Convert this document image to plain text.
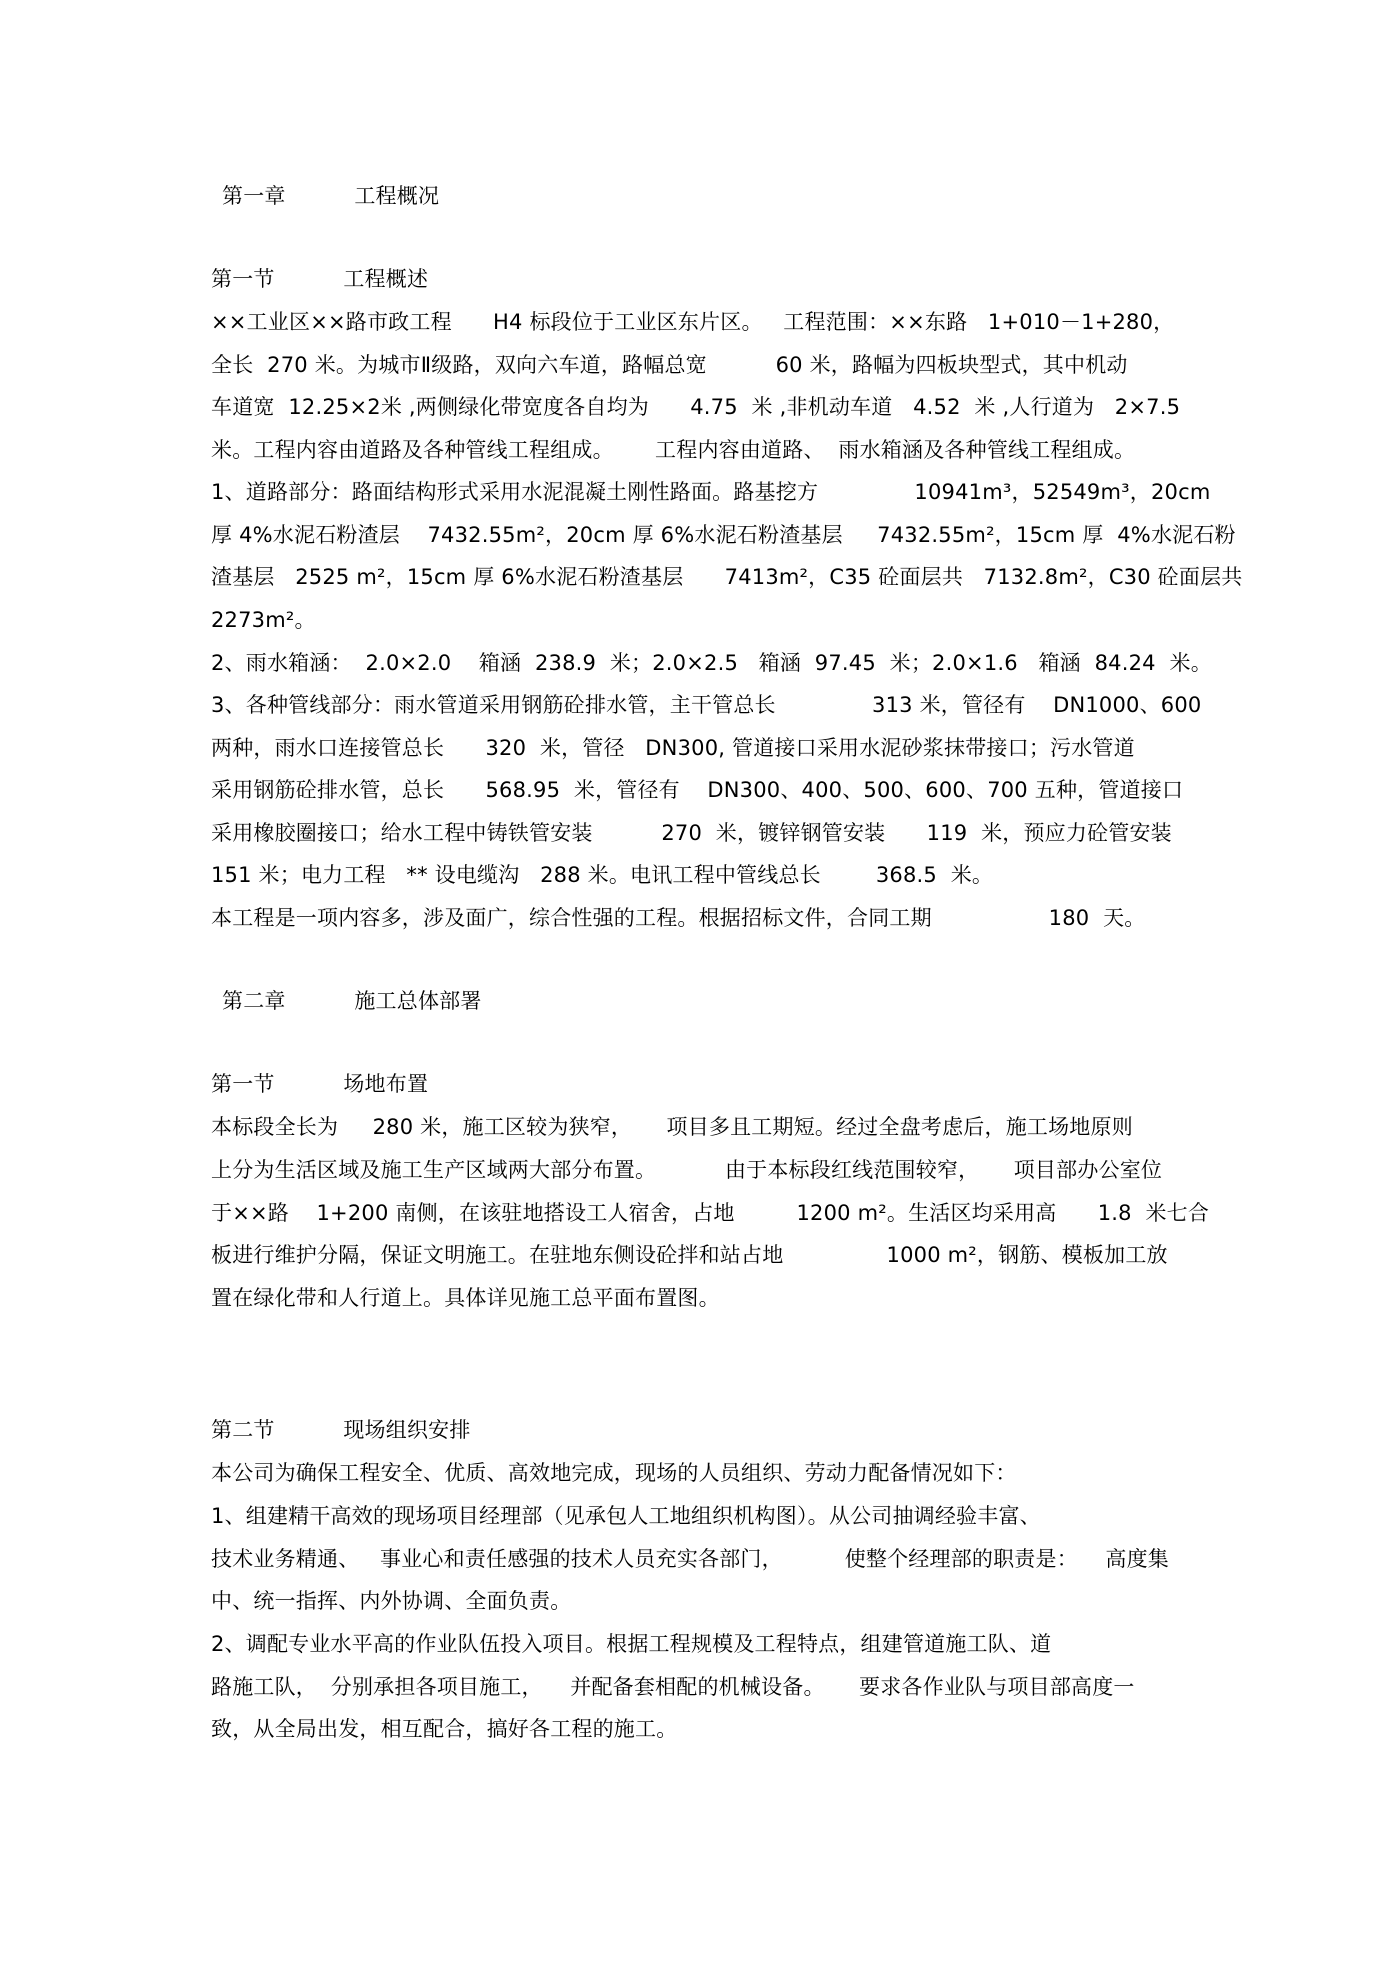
第一章          工程概况
第一节          工程概述
××工业区××路市政工程      H4 标段位于工业区东片区。   工程范围：××东路   1+010－1+280，
全长  270 米。为城市Ⅱ级路，双向六车道，路幅总宽          60 米，路幅为四板块型式，其中机动
车道宽  12.25×2米 ,两侧绿化带宽度各自均为      4.75  米 ,非机动车道   4.52  米 ,人行道为   2×7.5
米。工程内容由道路及各种管线工程组成。      工程内容由道路、  雨水箱涵及各种管线工程组成。
1、道路部分：路面结构形式采用水泥混凝土刚性路面。路基挖方              10941m³，52549m³，20cm
厚 4%水泥石粉渣层    7432.55m²，20cm 厚 6%水泥石粉渣基层     7432.55m²，15cm 厚  4%水泥石粉
渣基层   2525 m²，15cm 厚 6%水泥石粉渣基层      7413m²，C35 砼面层共   7132.8m²，C30 砼面层共
2273m²。
2、雨水箱涵：  2.0×2.0    箱涵  238.9  米；2.0×2.5   箱涵  97.45  米；2.0×1.6   箱涵  84.24  米。
3、各种管线部分：雨水管道采用钢筋砼排水管，主干管总长              313 米，管径有    DN1000、600
两种，雨水口连接管总长      320  米，管径   DN300, 管道接口采用水泥砂浆抹带接口；污水管道
采用钢筋砼排水管，总长      568.95  米，管径有    DN300、400、500、600、700 五种，管道接口
采用橡胶圈接口；给水工程中铸铁管安装          270  米，镀锌钢管安装      119  米，预应力砼管安装
151 米；电力工程   ** 设电缆沟   288 米。电讯工程中管线总长        368.5  米。
本工程是一项内容多，涉及面广，综合性强的工程。根据招标文件，合同工期                 180  天。
第二章          施工总体部署
第一节          场地布置
本标段全长为     280 米，施工区较为狭窄，     项目多且工期短。经过全盘考虑后，施工场地原则
上分为生活区域及施工生产区域两大部分布置。          由于本标段红线范围较窄，     项目部办公室位
于××路    1+200 南侧，在该驻地搭设工人宿舍，占地         1200 m²。生活区均采用高      1.8  米七合
板进行维护分隔，保证文明施工。在驻地东侧设砼拌和站占地               1000 m²，钢筋、模板加工放
置在绿化带和人行道上。具体详见施工总平面布置图。
第二节          现场组织安排
本公司为确保工程安全、优质、高效地完成，现场的人员组织、劳动力配备情况如下：
1、组建精干高效的现场项目经理部（见承包人工地组织机构图）。从公司抽调经验丰富、
技术业务精通、   事业心和责任感强的技术人员充实各部门，         使整个经理部的职责是：    高度集
中、统一指挥、内外协调、全面负责。
2、调配专业水平高的作业队伍投入项目。根据工程规模及工程特点，组建管道施工队、道
路施工队，  分别承担各项目施工，    并配备套相配的机械设备。     要求各作业队与项目部高度一
致，从全局出发，相互配合，搞好各工程的施工。
